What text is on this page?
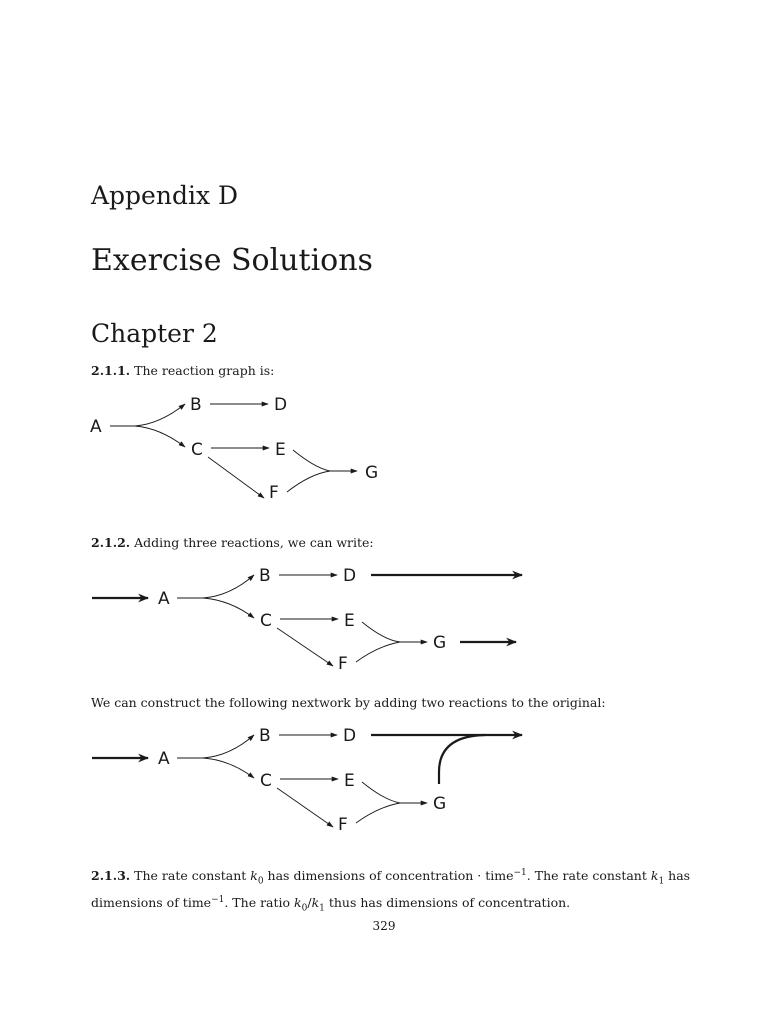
Appendix D
Exercise Solutions
Chapter 2
2.1.1. The reaction graph is:
A
B
C
D
E
F
G
2.1.2. Adding three reactions, we can write:
A
B
C
D
E
F
G
We can construct the following nextwork by adding two reactions to the original:
A
B
C
D
E
F
G
2.1.3. The rate constant $k_0$ has dimensions of concentration · time$^{-1}$. The rate constant $k_1$ has dimensions of time$^{-1}$. The ratio $k_0/k_1$ thus has dimensions of concentration.
329
